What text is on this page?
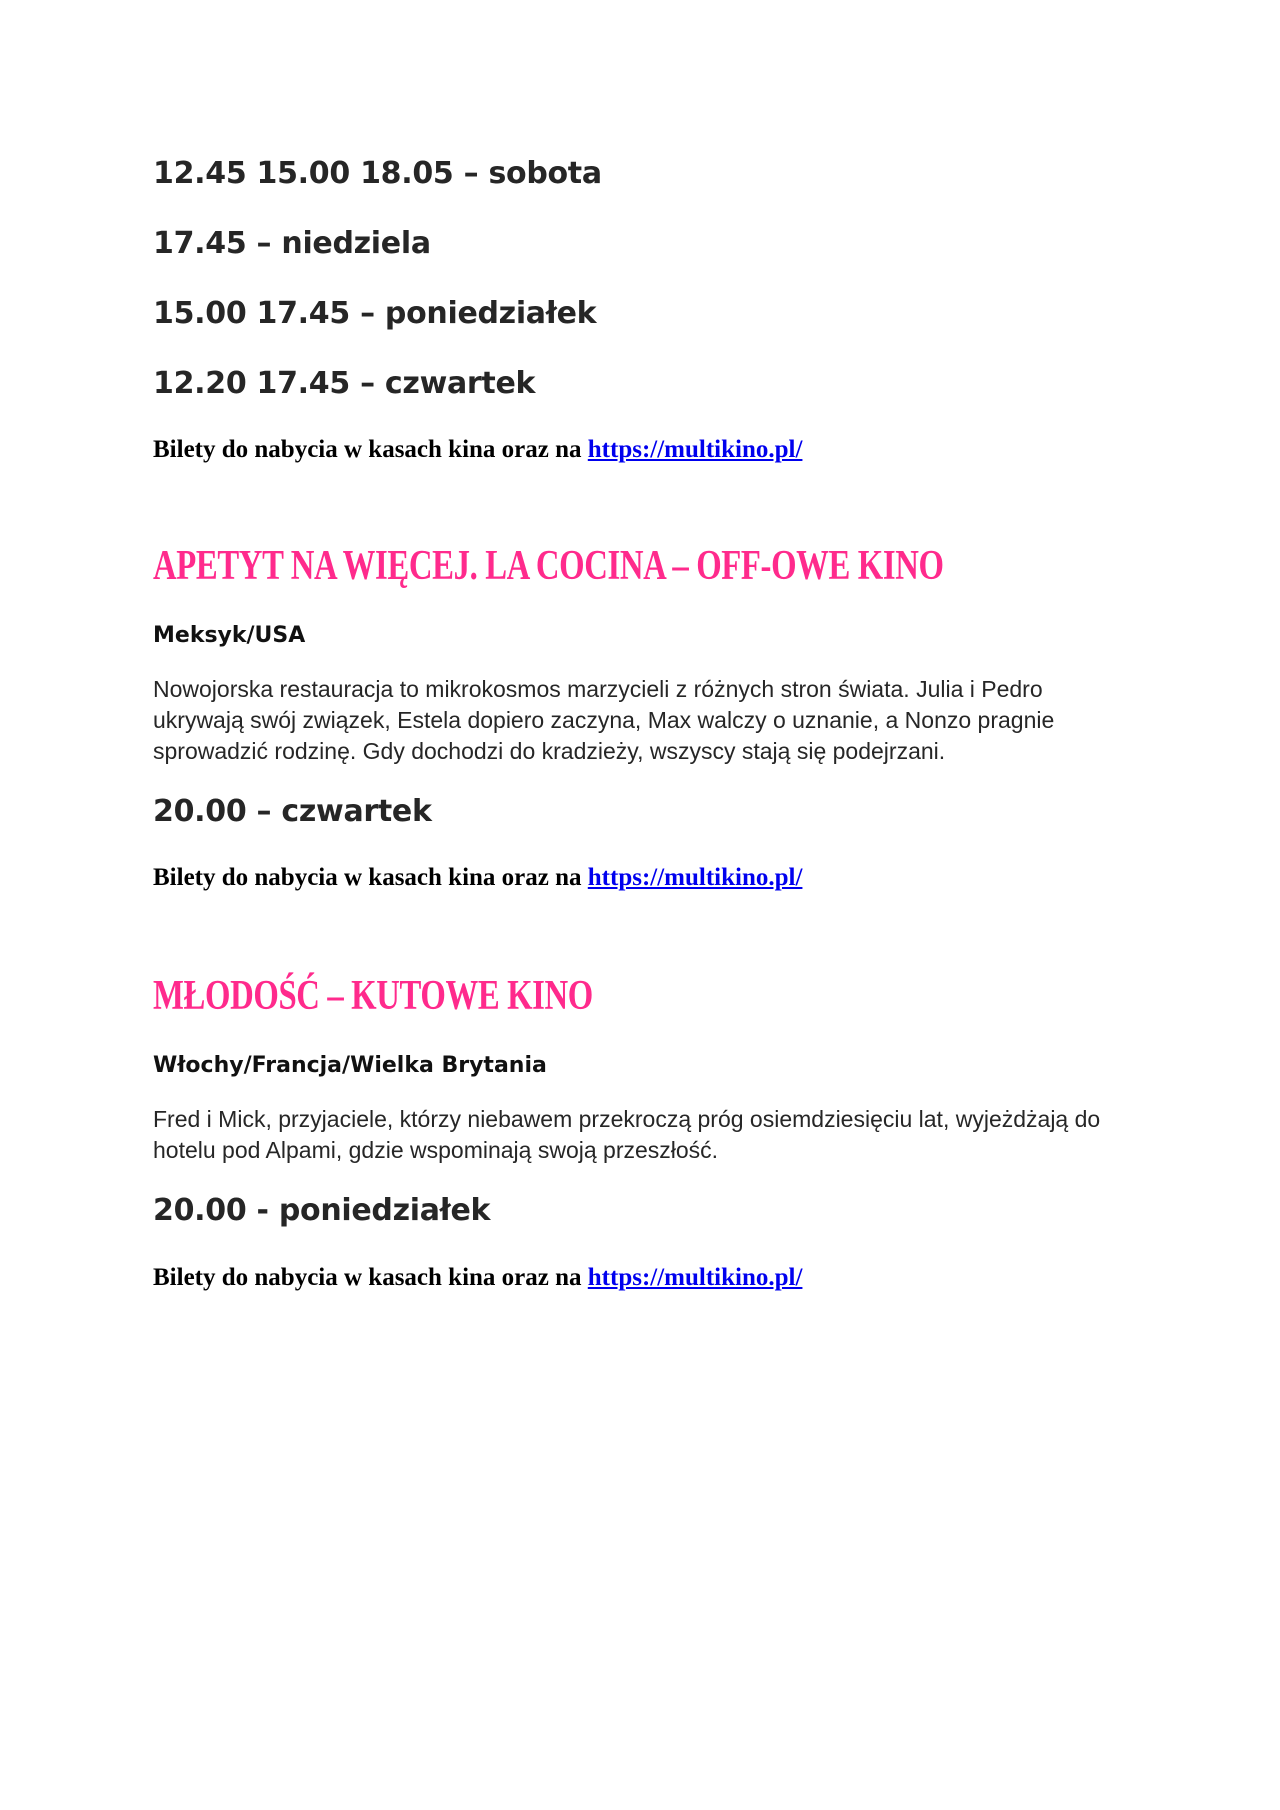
12.45 15.00 18.05 – sobota

17.45 – niedziela

15.00 17.45 – poniedziałek

12.20 17.45 – czwartek

Bilety do nabycia w kasach kina oraz na https://multikino.pl/

APETYT NA WIĘCEJ. LA COCINA – OFF-OWE KINO

Meksyk/USA

Nowojorska restauracja to mikrokosmos marzycieli z różnych stron świata. Julia i Pedro
ukrywają swój związek, Estela dopiero zaczyna, Max walczy o uznanie, a Nonzo pragnie
sprowadzić rodzinę. Gdy dochodzi do kradzieży, wszyscy stają się podejrzani.

20.00 – czwartek

Bilety do nabycia w kasach kina oraz na https://multikino.pl/

MŁODOŚĆ – KUTOWE KINO

Włochy/Francja/Wielka Brytania

Fred i Mick, przyjaciele, którzy niebawem przekroczą próg osiemdziesięciu lat, wyjeżdżają do
hotelu pod Alpami, gdzie wspominają swoją przeszłość.

20.00 - poniedziałek

Bilety do nabycia w kasach kina oraz na https://multikino.pl/
